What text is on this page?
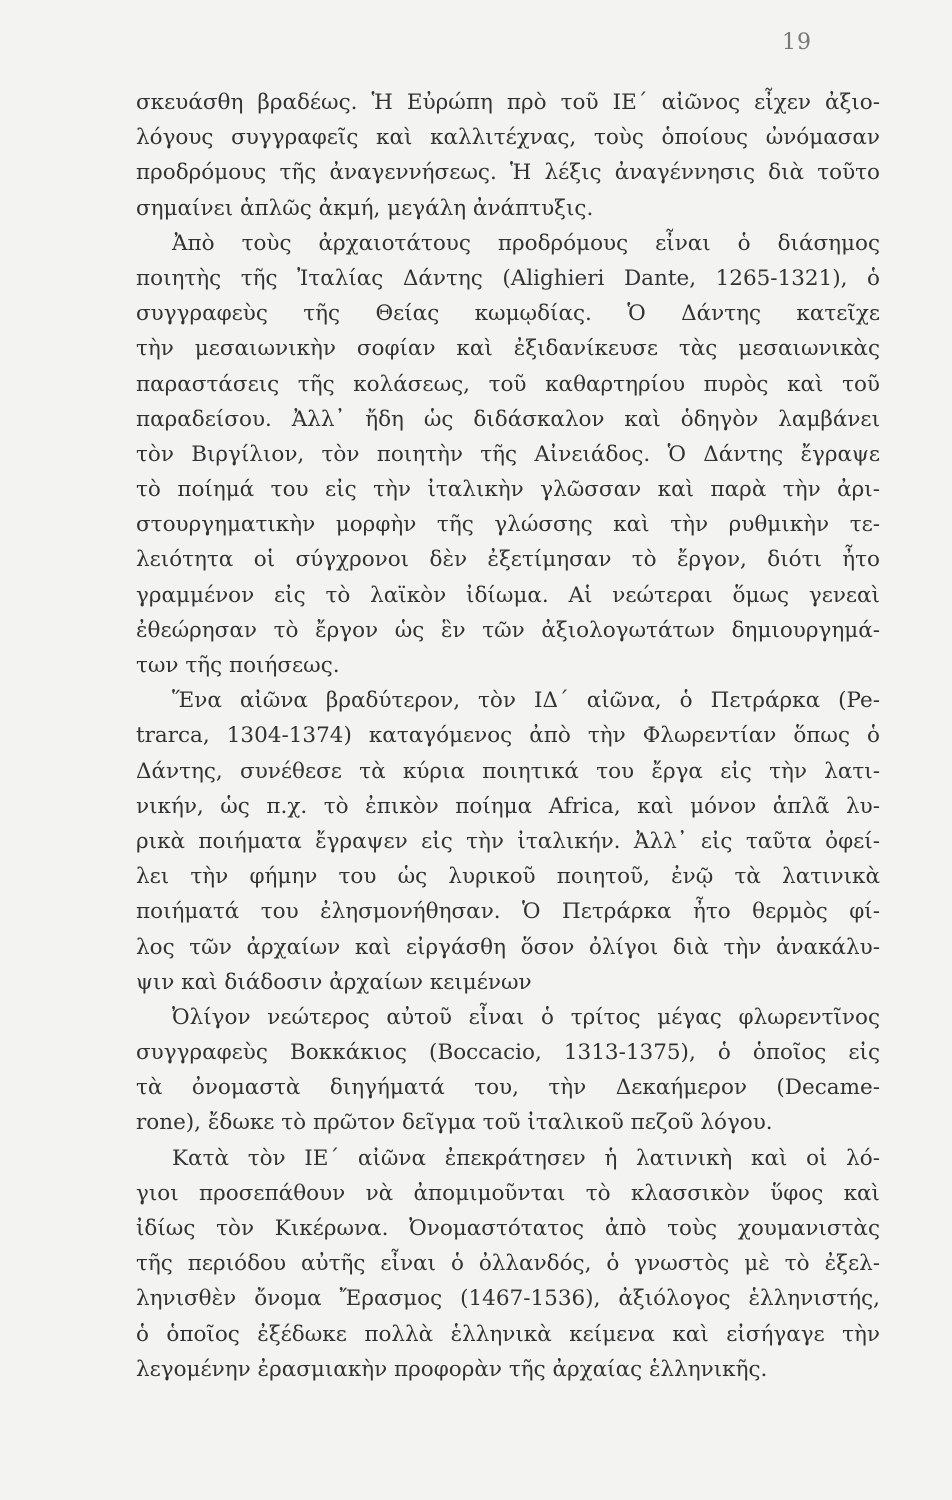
19
σκευάσθη βραδέως. Ἡ Εὐρώπη πρὸ τοῦ ΙΕ΄ αἰῶνος εἶχεν ἀξιο-
λόγους συγγραφεῖς καὶ καλλιτέχνας, τοὺς ὁποίους ὠνόμασαν
προδρόμους τῆς ἀναγεννήσεως. Ἡ λέξις ἀναγέννησις διὰ τοῦτο
σημαίνει ἁπλῶς ἀκμή, μεγάλη ἀνάπτυξις.
Ἀπὸ τοὺς ἀρχαιοτάτους προδρόμους εἶναι ὁ διάσημος
ποιητὴς τῆς Ἰταλίας Δάντης (Alighieri Dante, 1265-1321), ὁ
συγγραφεὺς τῆς Θείας κωμῳδίας. Ὁ Δάντης κατεῖχε
τὴν μεσαιωνικὴν σοφίαν καὶ ἐξιδανίκευσε τὰς μεσαιωνικὰς
παραστάσεις τῆς κολάσεως, τοῦ καθαρτηρίου πυρὸς καὶ τοῦ
παραδείσου. Ἀλλ᾽ ἤδη ὡς διδάσκαλον καὶ ὁδηγὸν λαμβάνει
τὸν Βιργίλιον, τὸν ποιητὴν τῆς Αἰνειάδος. Ὁ Δάντης ἔγραψε
τὸ ποίημά του εἰς τὴν ἰταλικὴν γλῶσσαν καὶ παρὰ τὴν ἀρι-
στουργηματικὴν μορφὴν τῆς γλώσσης καὶ τὴν ρυθμικὴν τε-
λειότητα οἱ σύγχρονοι δὲν ἐξετίμησαν τὸ ἔργον, διότι ἦτο
γραμμένον εἰς τὸ λαϊκὸν ἰδίωμα. Αἱ νεώτεραι ὅμως γενεαὶ
ἐθεώρησαν τὸ ἔργον ὡς ἓν τῶν ἀξιολογωτάτων δημιουργημά-
των τῆς ποιήσεως.
Ἕνα αἰῶνα βραδύτερον, τὸν ΙΔ΄ αἰῶνα, ὁ Πετράρκα (Pe-
trarca, 1304-1374) καταγόμενος ἀπὸ τὴν Φλωρεντίαν ὅπως ὁ
Δάντης, συνέθεσε τὰ κύρια ποιητικά του ἔργα εἰς τὴν λατι-
νικήν, ὡς π.χ. τὸ ἐπικὸν ποίημα Africa, καὶ μόνον ἁπλᾶ λυ-
ρικὰ ποιήματα ἔγραψεν εἰς τὴν ἰταλικήν. Ἀλλ᾽ εἰς ταῦτα ὀφεί-
λει τὴν φήμην του ὡς λυρικοῦ ποιητοῦ, ἐνῷ τὰ λατινικὰ
ποιήματά του ἐλησμονήθησαν. Ὁ Πετράρκα ἦτο θερμὸς φί-
λος τῶν ἀρχαίων καὶ εἰργάσθη ὅσον ὀλίγοι διὰ τὴν ἀνακάλυ-
ψιν καὶ διάδοσιν ἀρχαίων κειμένων
Ὀλίγον νεώτερος αὐτοῦ εἶναι ὁ τρίτος μέγας φλωρεντῖνος
συγγραφεὺς Βοκκάκιος (Boccacio, 1313-1375), ὁ ὁποῖος εἰς
τὰ ὀνομαστὰ διηγήματά του, τὴν Δεκαήμερον (Decame-
rone), ἔδωκε τὸ πρῶτον δεῖγμα τοῦ ἰταλικοῦ πεζοῦ λόγου.
Κατὰ τὸν ΙΕ΄ αἰῶνα ἐπεκράτησεν ἡ λατινικὴ καὶ οἱ λό-
γιοι προσεπάθουν νὰ ἀπομιμοῦνται τὸ κλασσικὸν ὕφος καὶ
ἰδίως τὸν Κικέρωνα. Ὀνομαστότατος ἀπὸ τοὺς χουμανιστὰς
τῆς περιόδου αὐτῆς εἶναι ὁ ὀλλανδός, ὁ γνωστὸς μὲ τὸ ἐξελ-
ληνισθὲν ὄνομα Ἔρασμος (1467-1536), ἀξιόλογος ἑλληνιστής,
ὁ ὁποῖος ἐξέδωκε πολλὰ ἑλληνικὰ κείμενα καὶ εἰσήγαγε τὴν
λεγομένην ἐρασμιακὴν προφορὰν τῆς ἀρχαίας ἑλληνικῆς.
